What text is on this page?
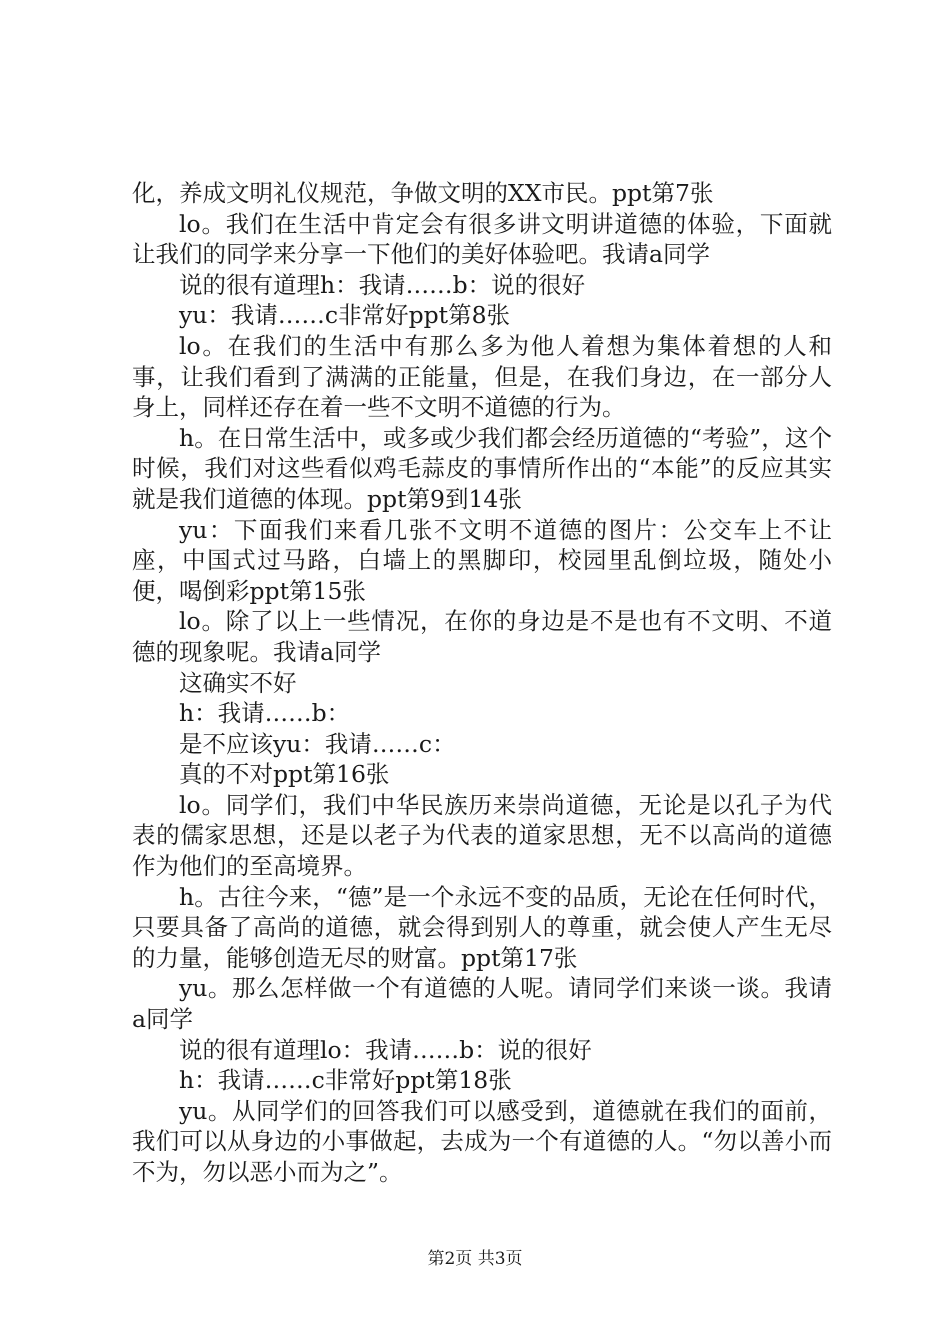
化，养成文明礼仪规范，争做文明的XX市民。ppt第7张

lo。我们在生活中肯定会有很多讲文明讲道德的体验，下面就让我们的同学来分享一下他们的美好体验吧。我请a同学

说的很有道理h：我请……b：说的很好

yu：我请……c非常好ppt第8张

lo。在我们的生活中有那么多为他人着想为集体着想的人和事，让我们看到了满满的正能量，但是，在我们身边，在一部分人身上，同样还存在着一些不文明不道德的行为。

h。在日常生活中，或多或少我们都会经历道德的“考验”，这个时候，我们对这些看似鸡毛蒜皮的事情所作出的“本能”的反应其实就是我们道德的体现。ppt第9到14张

yu：下面我们来看几张不文明不道德的图片：公交车上不让座，中国式过马路，白墙上的黑脚印，校园里乱倒垃圾，随处小便，喝倒彩ppt第15张

lo。除了以上一些情况，在你的身边是不是也有不文明、不道德的现象呢。我请a同学

这确实不好

h：我请……b：

是不应该yu：我请……c：

真的不对ppt第16张

lo。同学们，我们中华民族历来崇尚道德，无论是以孔子为代表的儒家思想，还是以老子为代表的道家思想，无不以高尚的道德作为他们的至高境界。

h。古往今来，“德”是一个永远不变的品质，无论在任何时代，只要具备了高尚的道德，就会得到别人的尊重，就会使人产生无尽的力量，能够创造无尽的财富。ppt第17张

yu。那么怎样做一个有道德的人呢。请同学们来谈一谈。我请a同学

说的很有道理lo：我请……b：说的很好

h：我请……c非常好ppt第18张

yu。从同学们的回答我们可以感受到，道德就在我们的面前，我们可以从身边的小事做起，去成为一个有道德的人。“勿以善小而不为，勿以恶小而为之”。

第2页 共3页
